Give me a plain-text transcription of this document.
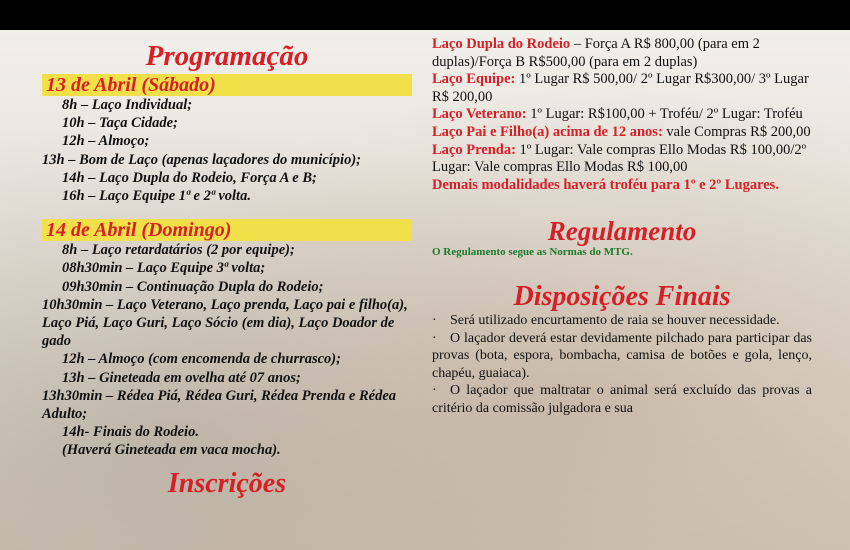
Programação
13 de Abril (Sábado)
8h – Laço Individual;
10h – Taça Cidade;
12h – Almoço;
13h – Bom de Laço (apenas laçadores do município);
14h – Laço Dupla do Rodeio, Força A e B;
16h – Laço Equipe 1ª e 2ª volta.
14 de Abril (Domingo)
8h – Laço retardatários (2 por equipe);
08h30min – Laço Equipe 3ª volta;
09h30min – Continuação Dupla do Rodeio;
10h30min – Laço Veterano, Laço prenda, Laço pai e filho(a), Laço Piá, Laço Guri, Laço Sócio (em dia), Laço Doador de gado
12h – Almoço (com encomenda de churrasco);
13h – Gineteada em ovelha até 07 anos;
13h30min – Rédea Piá, Rédea Guri, Rédea Prenda e Rédea Adulto;
14h- Finais do Rodeio.
(Haverá Gineteada em vaca mocha).
Inscrições

Laço Dupla do Rodeio – Força A R$ 800,00 (para em 2 duplas)/Força B R$500,00 (para em 2 duplas)

Laço Equipe: 1º Lugar R$ 500,00/ 2º Lugar R$300,00/ 3º Lugar R$ 200,00

Laço Veterano: 1º Lugar: R$100,00 + Troféu/ 2º Lugar: Troféu

Laço Pai e Filho(a) acima de 12 anos: vale Compras R$ 200,00

Laço Prenda: 1º Lugar: Vale compras Ello Modas R$ 100,00/2º Lugar: Vale compras Ello Modas R$ 100,00

Demais modalidades haverá troféu para 1º e 2º Lugares.

Regulamento

O Regulamento segue as Normas do MTG.

Disposições Finais

· Será utilizado encurtamento de raia se houver necessidade.

· O laçador deverá estar devidamente pilchado para participar das provas (bota, espora, bombacha, camisa de botões e gola, lenço, chapéu, guaiaca).

· O laçador que maltratar o animal será excluído das provas a critério da comissão julgadora e sua
